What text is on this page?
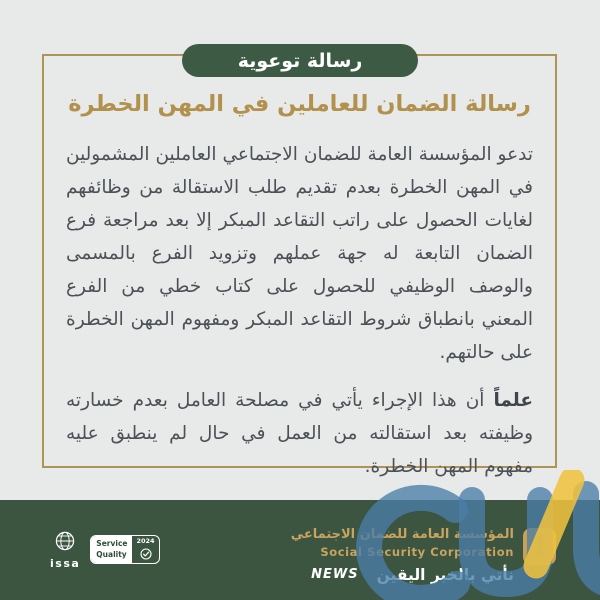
رسالة توعوية
رسالة الضمان للعاملين في المهن الخطرة

تدعو المؤسسة العامة للضمان الاجتماعي العاملين المشمولين في المهن الخطرة بعدم تقديم طلب الاستقالة من وظائفهم لغايات الحصول على راتب التقاعد المبكر إلا بعد مراجعة فرع الضمان التابعة له جهة عملهم وتزويد الفرع بالمسمى والوصف الوظيفي للحصول على كتاب خطي من الفرع المعني بانطباق شروط التقاعد المبكر ومفهوم المهن الخطرة على حالتهم.

علماً أن هذا الإجراء يأتي في مصلحة العامل بعدم خسارته وظيفته بعد استقالته من العمل في حال لم ينطبق عليه مفهوم المهن الخطرة.

issa
Service
Quality
2024	المؤسسة العامة للضمان الاجتماعي
Social Security Corporation
NEWS نأتي بالخبر اليقين
